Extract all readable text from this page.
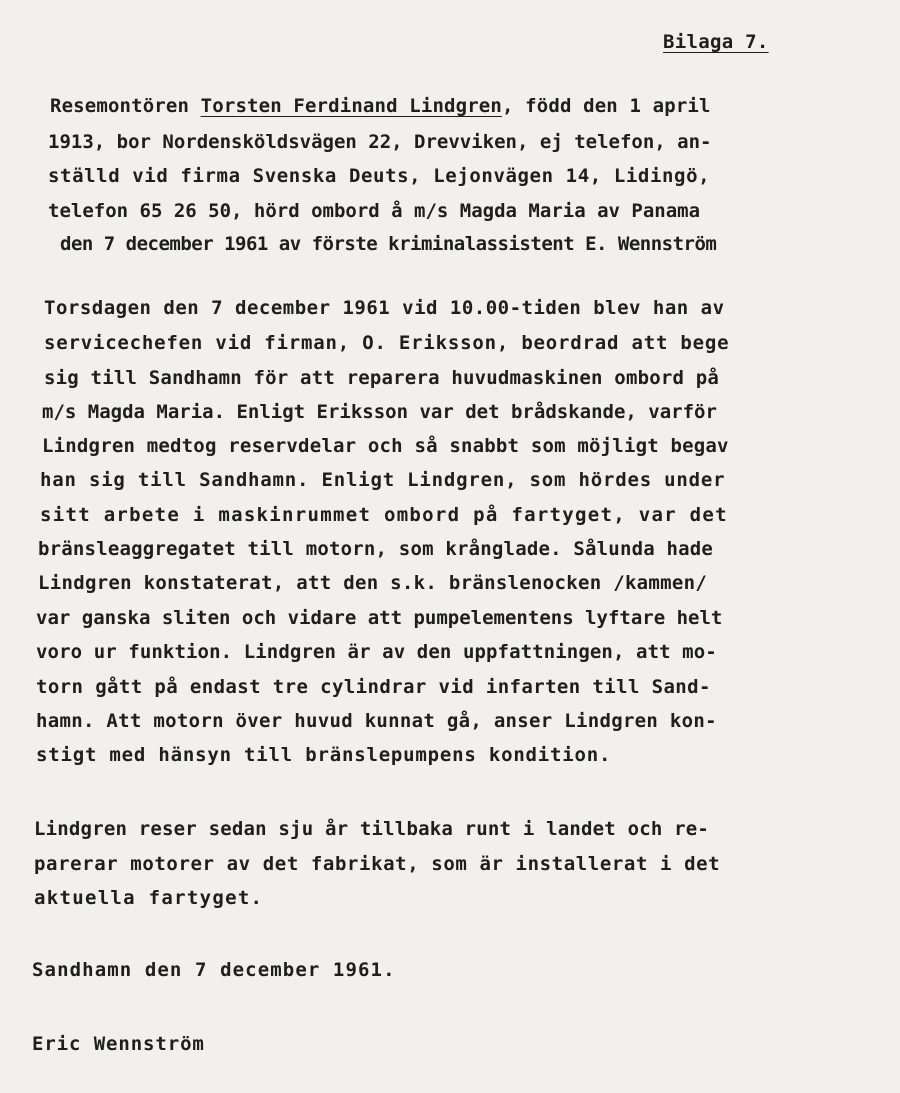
Bilaga 7.
Resemontören Torsten Ferdinand Lindgren, född den 1 april
1913, bor Nordensköldsvägen 22, Drevviken, ej telefon, an-
ställd vid firma Svenska Deuts, Lejonvägen 14, Lidingö,
telefon 65 26 50, hörd ombord å m/s Magda Maria av Panama
den 7 december 1961 av förste kriminalassistent E. Wennström
Torsdagen den 7 december 1961 vid 10.00-tiden blev han av
servicechefen vid firman, O. Eriksson, beordrad att bege
sig till Sandhamn för att reparera huvudmaskinen ombord på
m/s Magda Maria. Enligt Eriksson var det brådskande, varför
Lindgren medtog reservdelar och så snabbt som möjligt begav
han sig till Sandhamn. Enligt Lindgren, som hördes under
sitt arbete i maskinrummet ombord på fartyget, var det
bränsleaggregatet till motorn, som krånglade. Sålunda hade
Lindgren konstaterat, att den s.k. bränslenocken /kammen/
var ganska sliten och vidare att pumpelementens lyftare helt
voro ur funktion. Lindgren är av den uppfattningen, att mo-
torn gått på endast tre cylindrar vid infarten till Sand-
hamn. Att motorn över huvud kunnat gå, anser Lindgren kon-
stigt med hänsyn till bränslepumpens kondition.
Lindgren reser sedan sju år tillbaka runt i landet och re-
parerar motorer av det fabrikat, som är installerat i det
aktuella fartyget.
Sandhamn den 7 december 1961.
Eric Wennström
